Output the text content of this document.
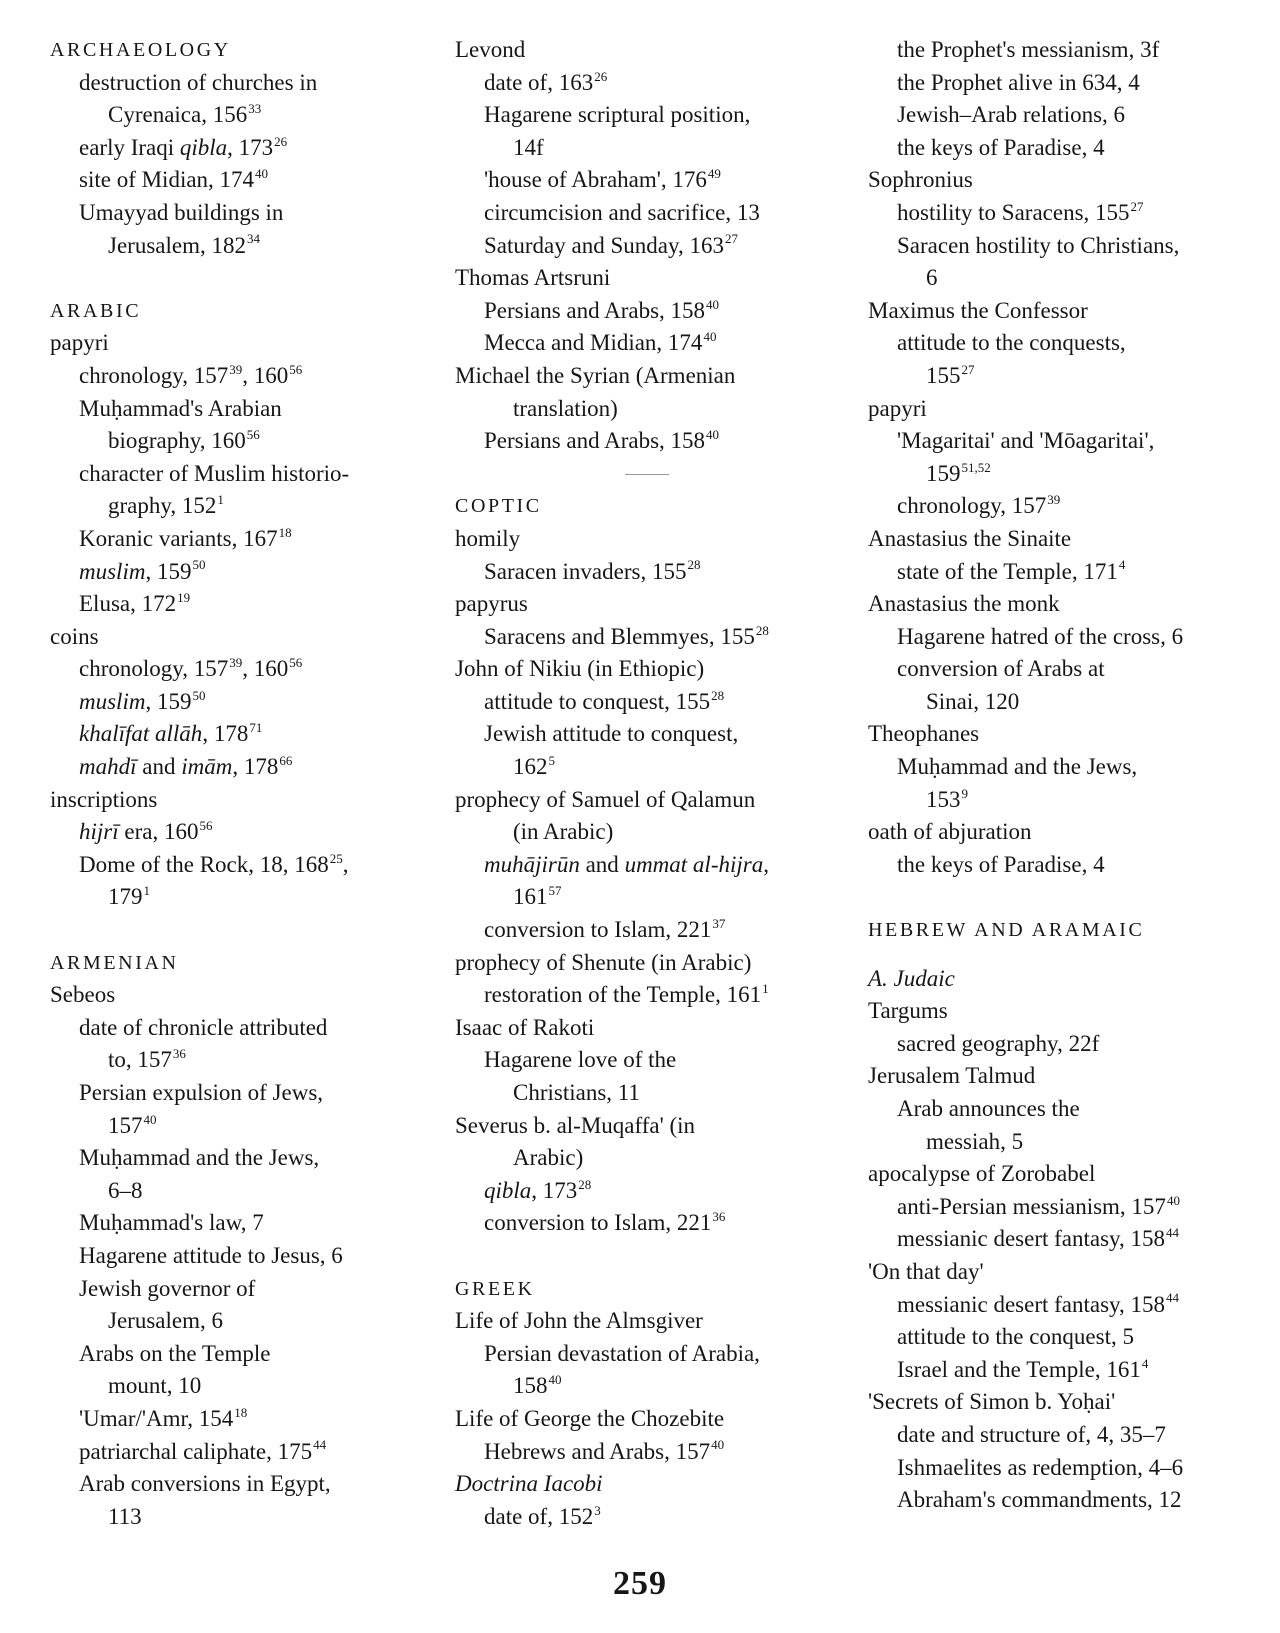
ARCHAEOLOGY
destruction of churches in
Cyrenaica, $156^{33}$
early Iraqi qibla, $173^{26}$
site of Midian, $174^{40}$
Umayyad buildings in
Jerusalem, $182^{34}$
ARABIC
papyri
chronology, $157^{39}$, $160^{56}$
Muḥammad's Arabian
biography, $160^{56}$
character of Muslim historio-
graphy, $152^1$
Koranic variants, $167^{18}$
muslim, $159^{50}$
Elusa, $172^{19}$
coins
chronology, $157^{39}$, $160^{56}$
muslim, $159^{50}$
khalīfat allāh, $178^{71}$
mahdī and imām, $178^{66}$
inscriptions
hijrī era, $160^{56}$
Dome of the Rock, 18, $168^{25}$,
$179^1$
ARMENIAN
Sebeos
date of chronicle attributed
to, $157^{36}$
Persian expulsion of Jews,
$157^{40}$
Muḥammad and the Jews,
6–8
Muḥammad's law, 7
Hagarene attitude to Jesus, 6
Jewish governor of
Jerusalem, 6
Arabs on the Temple
mount, 10
'Umar/'Amr, $154^{18}$
patriarchal caliphate, $175^{44}$
Arab conversions in Egypt,
113
Levond
date of, $163^{26}$
Hagarene scriptural position,
14f
'house of Abraham', $176^{49}$
circumcision and sacrifice, 13
Saturday and Sunday, $163^{27}$
Thomas Artsruni
Persians and Arabs, $158^{40}$
Mecca and Midian, $174^{40}$
Michael the Syrian (Armenian
translation)
Persians and Arabs, $158^{40}$
COPTIC
homily
Saracen invaders, $155^{28}$
papyrus
Saracens and Blemmyes, $155^{28}$
John of Nikiu (in Ethiopic)
attitude to conquest, $155^{28}$
Jewish attitude to conquest,
$162^5$
prophecy of Samuel of Qalamun
(in Arabic)
muhājirūn and ummat al-hijra,
$161^{57}$
conversion to Islam, $221^{37}$
prophecy of Shenute (in Arabic)
restoration of the Temple, $161^1$
Isaac of Rakoti
Hagarene love of the
Christians, 11
Severus b. al-Muqaffa' (in
Arabic)
qibla, $173^{28}$
conversion to Islam, $221^{36}$
GREEK
Life of John the Almsgiver
Persian devastation of Arabia,
$158^{40}$
Life of George the Chozebite
Hebrews and Arabs, $157^{40}$
Doctrina Iacobi
date of, $152^3$
the Prophet's messianism, 3f
the Prophet alive in 634, 4
Jewish–Arab relations, 6
the keys of Paradise, 4
Sophronius
hostility to Saracens, $155^{27}$
Saracen hostility to Christians,
6
Maximus the Confessor
attitude to the conquests,
$155^{27}$
papyri
'Magaritai' and 'Mōagaritai',
159$^{51,52}$
chronology, $157^{39}$
Anastasius the Sinaite
state of the Temple, $171^4$
Anastasius the monk
Hagarene hatred of the cross, 6
conversion of Arabs at
Sinai, 120
Theophanes
Muḥammad and the Jews,
$153^9$
oath of abjuration
the keys of Paradise, 4
HEBREW AND ARAMAIC
A. Judaic
Targums
sacred geography, 22f
Jerusalem Talmud
Arab announces the
messiah, 5
apocalypse of Zorobabel
anti-Persian messianism, $157^{40}$
messianic desert fantasy, $158^{44}$
'On that day'
messianic desert fantasy, $158^{44}$
attitude to the conquest, 5
Israel and the Temple, $161^4$
'Secrets of Simon b. Yoḥai'
date and structure of, 4, 35–7
Ishmaelites as redemption, 4–6
Abraham's commandments, 12
259
